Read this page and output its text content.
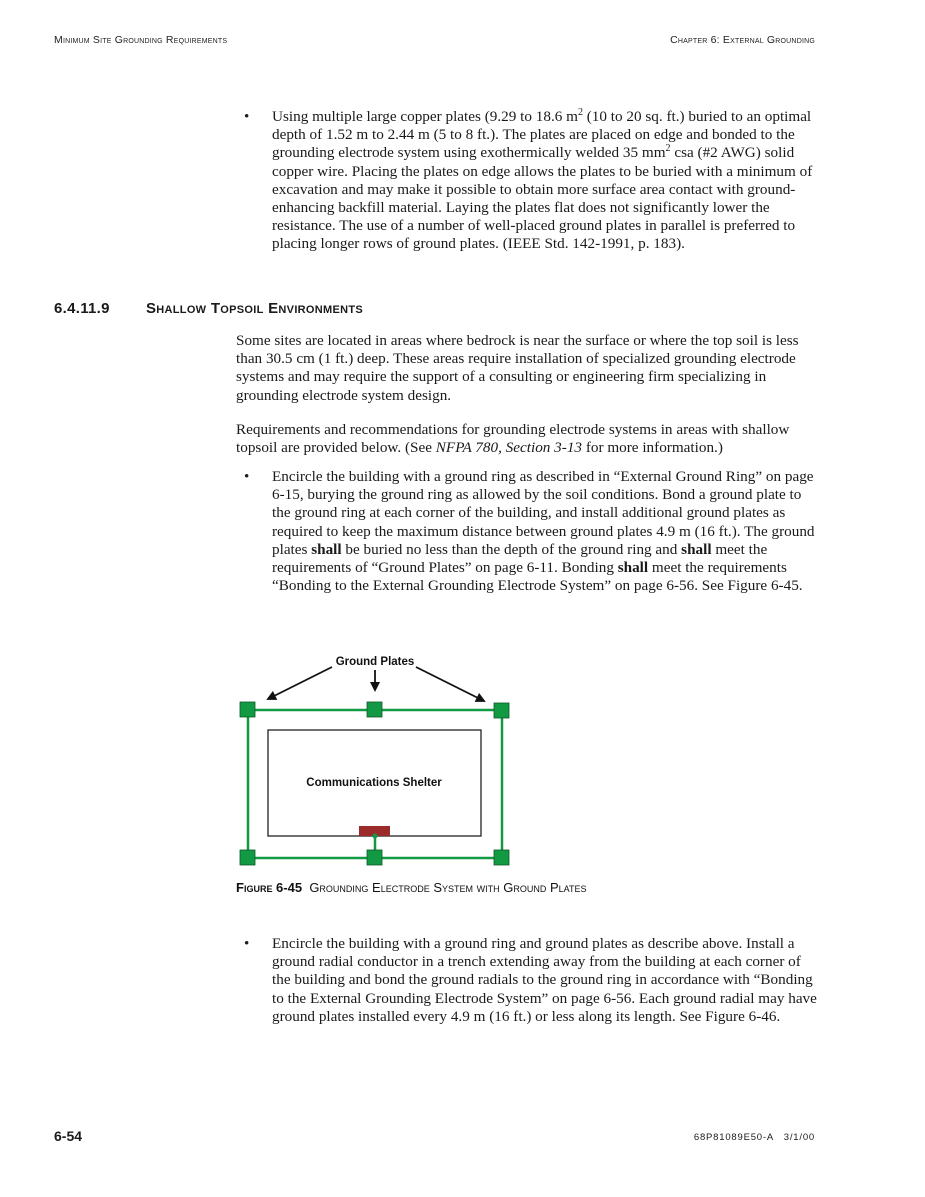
Minimum Site Grounding Requirements	Chapter 6: External Grounding
• Using multiple large copper plates (9.29 to 18.6 $m^2$ (10 to 20 sq. ft.) buried to an optimal depth of 1.52 m to 2.44 m (5 to 8 ft.). The plates are placed on edge and bonded to the grounding electrode system using exothermically welded 35 $mm^2$ csa (#2 AWG) solid copper wire. Placing the plates on edge allows the plates to be buried with a minimum of excavation and may make it possible to obtain more surface area contact with ground-enhancing backfill material. Laying the plates flat does not significantly lower the resistance. The use of a number of well-placed ground plates in parallel is preferred to placing longer rows of ground plates. (IEEE Std. 142-1991, p. 183).
6.4.11.9 Shallow Topsoil Environments

Some sites are located in areas where bedrock is near the surface or where the top soil is less than 30.5 cm (1 ft.) deep. These areas require installation of specialized grounding electrode systems and may require the support of a consulting or engineering firm specializing in grounding electrode system design.

Requirements and recommendations for grounding electrode systems in areas with shallow topsoil are provided below. (See NFPA 780, Section 3-13 for more information.)

• Encircle the building with a ground ring as described in “External Ground Ring” on page 6-15, burying the ground ring as allowed by the soil conditions. Bond a ground plate to the ground ring at each corner of the building, and install additional ground plates as required to keep the maximum distance between ground plates 4.9 m (16 ft.). The ground plates shall be buried no less than the depth of the ground ring and shall meet the requirements of “Ground Plates” on page 6-11. Bonding shall meet the requirements “Bonding to the External Grounding Electrode System” on page 6-56. See Figure 6-45.
Ground Plates
Communications Shelter
Figure 6-45 Grounding Electrode System with Ground Plates
• Encircle the building with a ground ring and ground plates as describe above. Install a ground radial conductor in a trench extending away from the building at each corner of the building and bond the ground radials to the ground ring in accordance with “Bonding to the External Grounding Electrode System” on page 6-56. Each ground radial may have ground plates installed every 4.9 m (16 ft.) or less along its length. See Figure 6-46.
6-54	68P81089E50-A   3/1/00
